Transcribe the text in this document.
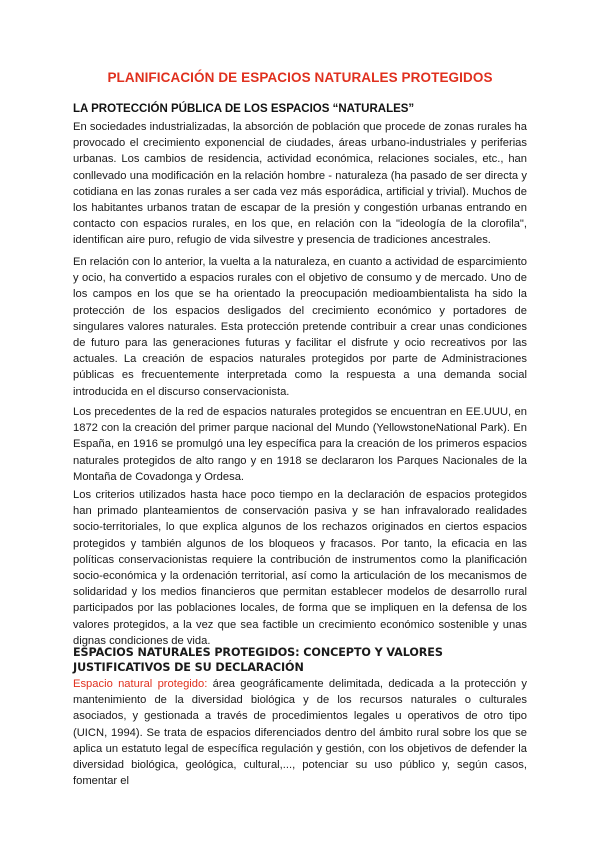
PLANIFICACIÓN DE ESPACIOS NATURALES PROTEGIDOS
LA PROTECCIÓN PÚBLICA DE LOS ESPACIOS “NATURALES”

En sociedades industrializadas, la absorción de población que procede de zonas rurales ha provocado el crecimiento exponencial de ciudades, áreas urbano-industriales y periferias urbanas. Los cambios de residencia, actividad económica, relaciones sociales, etc., han conllevado una modificación en la relación hombre - naturaleza (ha pasado de ser directa y cotidiana en las zonas rurales a ser cada vez más esporádica, artificial y trivial). Muchos de los habitantes urbanos tratan de escapar de la presión y congestión urbanas entrando en contacto con espacios rurales, en los que, en relación con la "ideología de la clorofila", identifican aire puro, refugio de vida silvestre y presencia de tradiciones ancestrales.

En relación con lo anterior, la vuelta a la naturaleza, en cuanto a actividad de esparcimiento y ocio, ha convertido a espacios rurales con el objetivo de consumo y de mercado. Uno de los campos en los que se ha orientado la preocupación medioambientalista ha sido la protección de los espacios desligados del crecimiento económico y portadores de singulares valores naturales. Esta protección pretende contribuir a crear unas condiciones de futuro para las generaciones futuras y facilitar el disfrute y ocio recreativos por las actuales. La creación de espacios naturales protegidos por parte de Administraciones públicas es frecuentemente interpretada como la respuesta a una demanda social introducida en el discurso conservacionista.

Los precedentes de la red de espacios naturales protegidos se encuentran en EE.UUU, en 1872 con la creación del primer parque nacional del Mundo (YellowstoneNational Park). En España, en 1916 se promulgó una ley específica para la creación de los primeros espacios naturales protegidos de alto rango y en 1918 se declararon los Parques Nacionales de la Montaña de Covadonga y Ordesa.

Los criterios utilizados hasta hace poco tiempo en la declaración de espacios protegidos han primado planteamientos de conservación pasiva y se han infravalorado realidades socio-territoriales, lo que explica algunos de los rechazos originados en ciertos espacios protegidos y también algunos de los bloqueos y fracasos. Por tanto, la eficacia en las políticas conservacionistas requiere la contribución de instrumentos como la planificación socio-económica y la ordenación territorial, así como la articulación de los mecanismos de solidaridad y los medios financieros que permitan establecer modelos de desarrollo rural participados por las poblaciones locales, de forma que se impliquen en la defensa de los valores protegidos, a la vez que sea factible un crecimiento económico sostenible y unas dignas condiciones de vida.

ESPACIOS NATURALES PROTEGIDOS: CONCEPTO Y VALORES JUSTIFICATIVOS DE SU DECLARACIÓN

Espacio natural protegido: área geográficamente delimitada, dedicada a la protección y mantenimiento de la diversidad biológica y de los recursos naturales o culturales asociados, y gestionada a través de procedimientos legales u operativos de otro tipo (UICN, 1994). Se trata de espacios diferenciados dentro del ámbito rural sobre los que se aplica un estatuto legal de específica regulación y gestión, con los objetivos de defender la diversidad biológica, geológica, cultural,..., potenciar su uso público y, según casos, fomentar el
